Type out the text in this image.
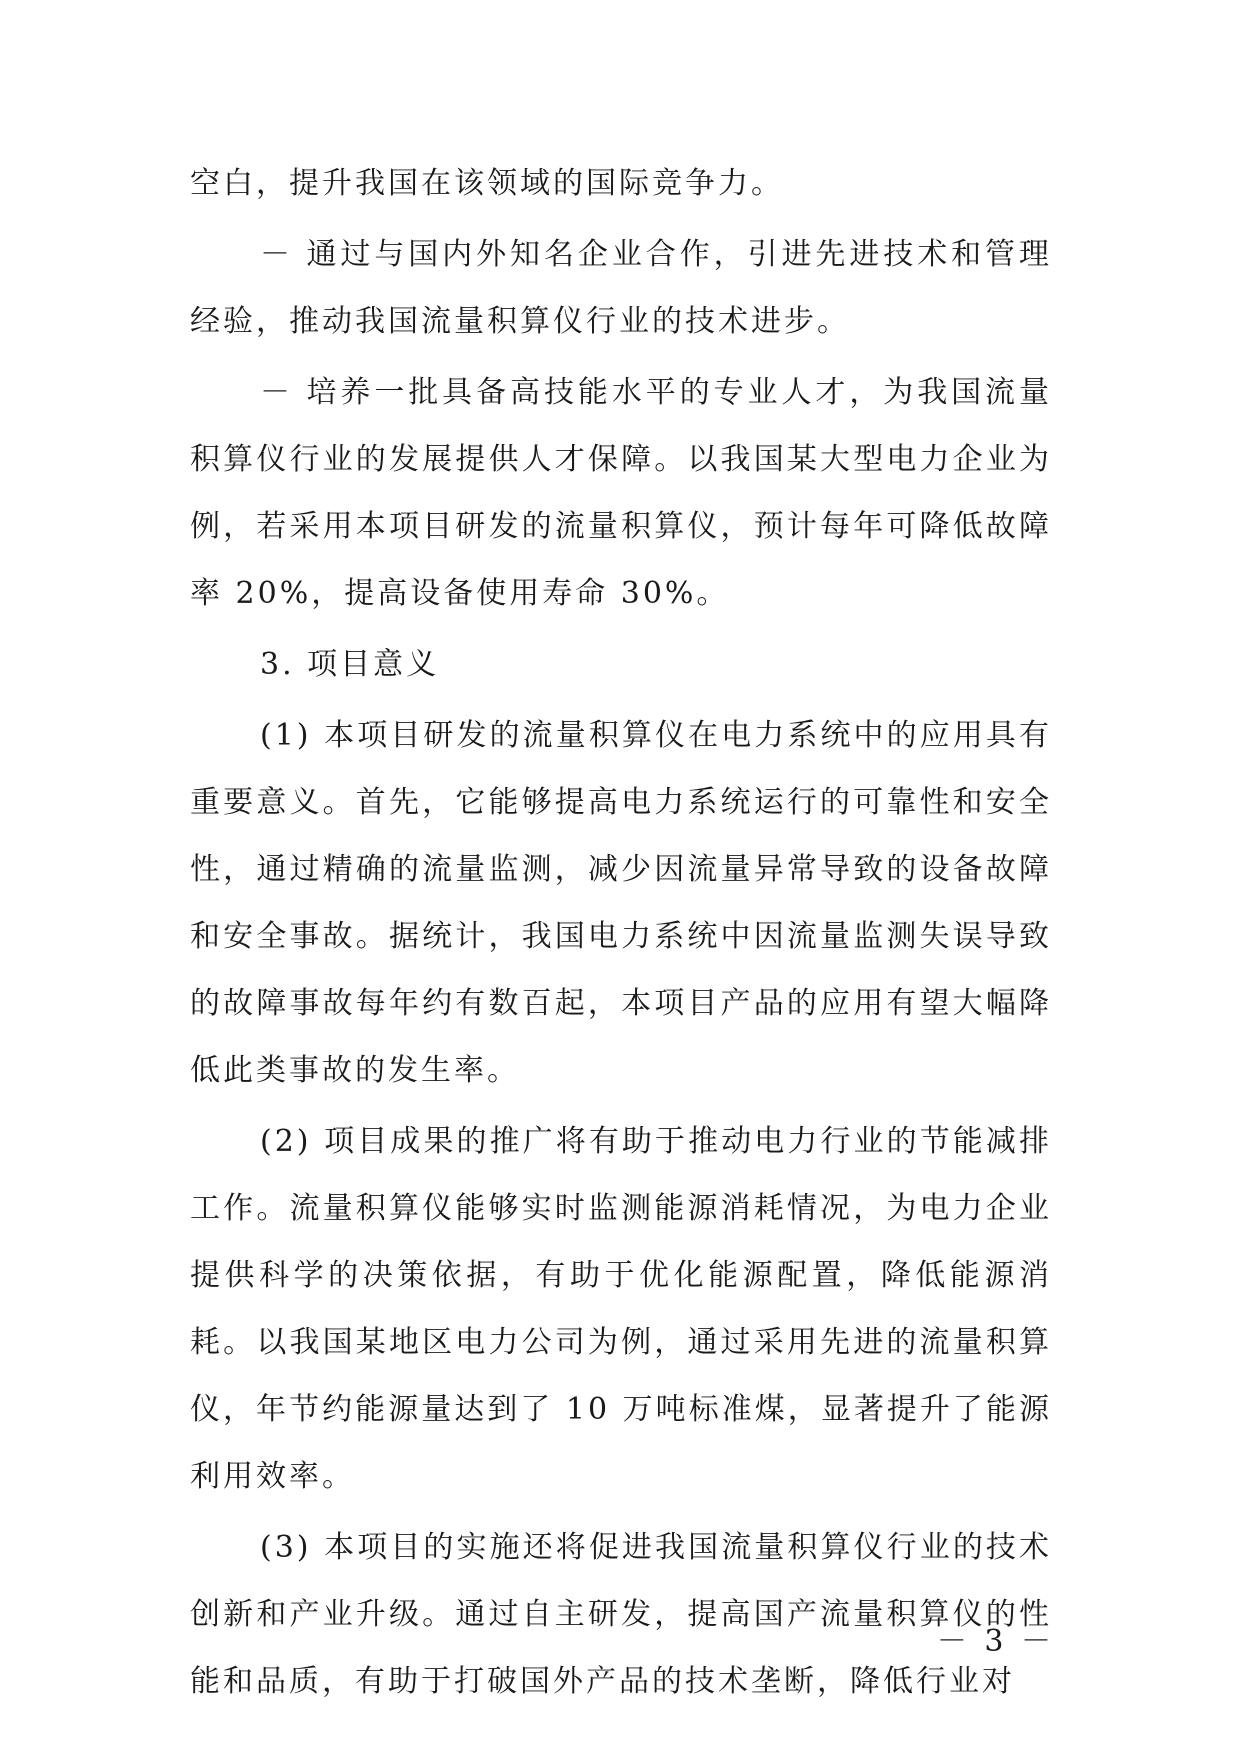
空白，提升我国在该领域的国际竞争力。

－ 通过与国内外知名企业合作，引进先进技术和管理经验，推动我国流量积算仪行业的技术进步。

－ 培养一批具备高技能水平的专业人才，为我国流量积算仪行业的发展提供人才保障。以我国某大型电力企业为例，若采用本项目研发的流量积算仪，预计每年可降低故障率 20%，提高设备使用寿命 30%。

3. 项目意义

(1) 本项目研发的流量积算仪在电力系统中的应用具有重要意义。首先，它能够提高电力系统运行的可靠性和安全性，通过精确的流量监测，减少因流量异常导致的设备故障和安全事故。据统计，我国电力系统中因流量监测失误导致的故障事故每年约有数百起，本项目产品的应用有望大幅降低此类事故的发生率。

(2) 项目成果的推广将有助于推动电力行业的节能减排工作。流量积算仪能够实时监测能源消耗情况，为电力企业提供科学的决策依据，有助于优化能源配置，降低能源消耗。以我国某地区电力公司为例，通过采用先进的流量积算仪，年节约能源量达到了 10 万吨标准煤，显著提升了能源利用效率。

(3) 本项目的实施还将促进我国流量积算仪行业的技术创新和产业升级。通过自主研发，提高国产流量积算仪的性能和品质，有助于打破国外产品的技术垄断，降低行业对

－ 3 －
